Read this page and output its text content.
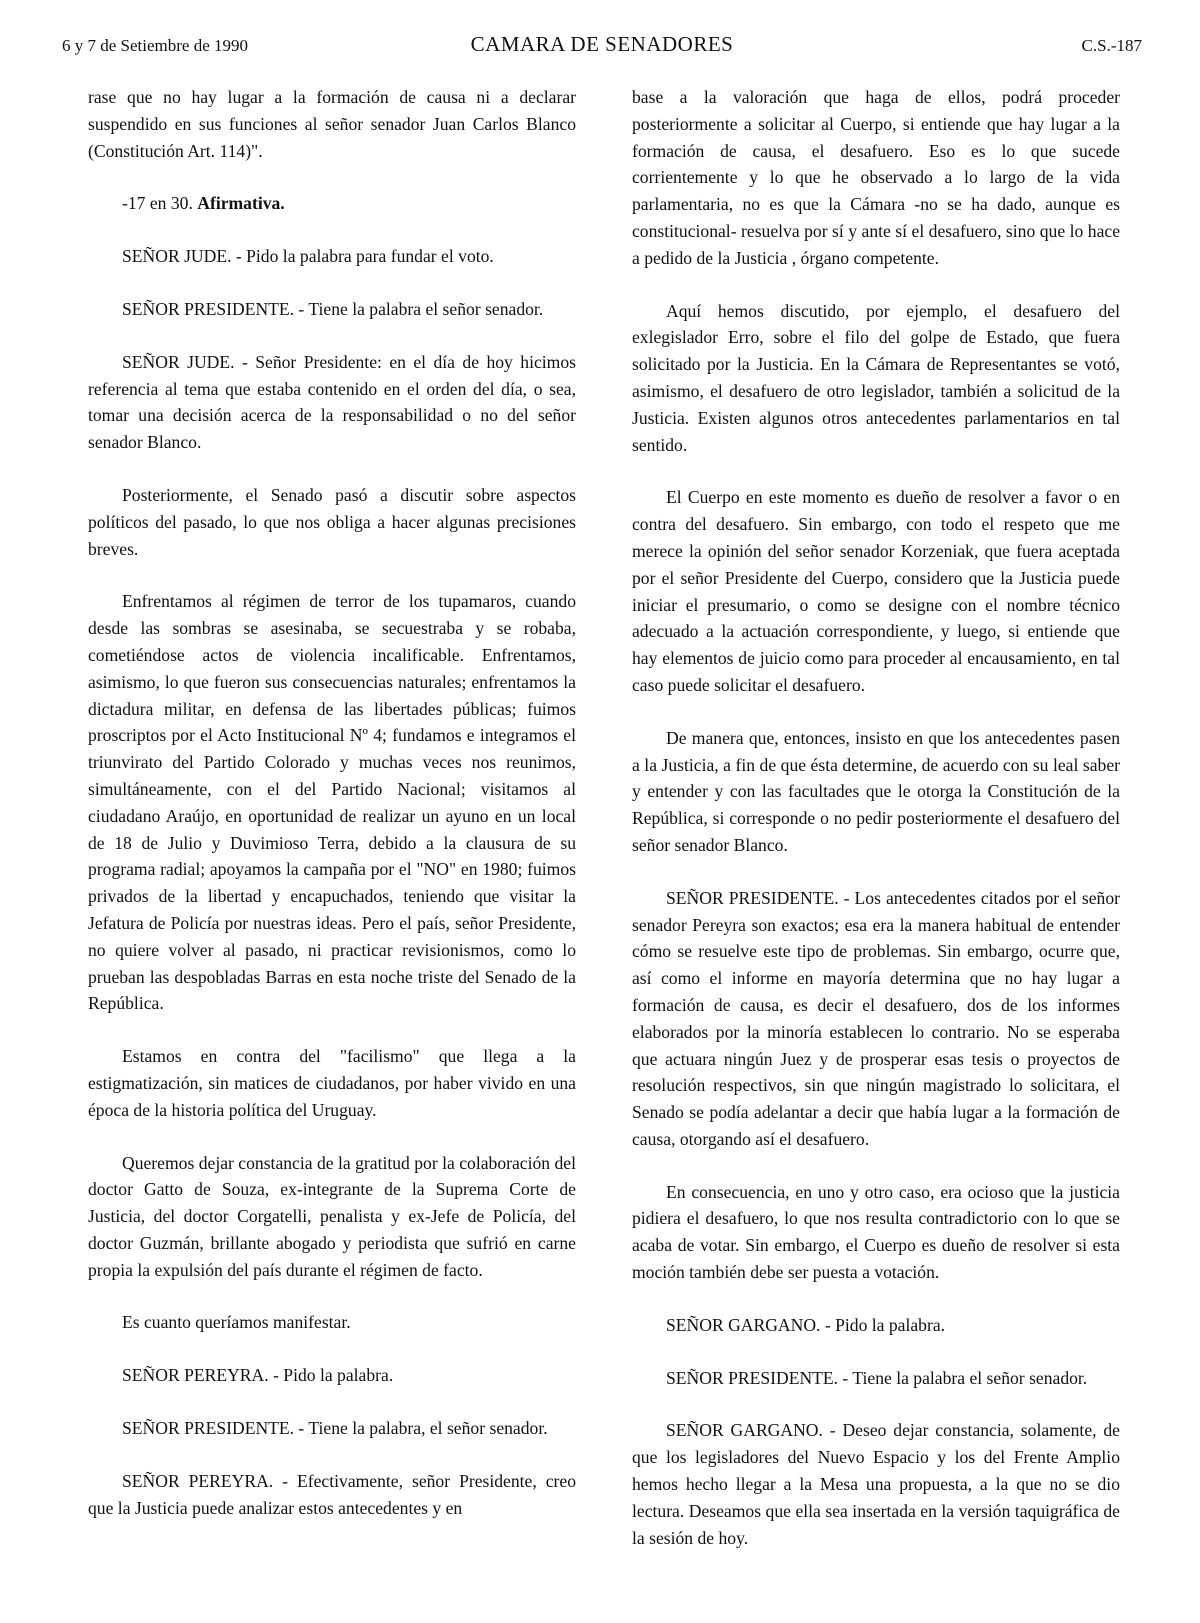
6 y 7 de Setiembre de 1990	CAMARA DE SENADORES	C.S.-187

rase que no hay lugar a la formación de causa ni a declarar suspendido en sus funciones al señor senador Juan Carlos Blanco (Constitución Art. 114)".

-17 en 30. Afirmativa.

SEÑOR JUDE. - Pido la palabra para fundar el voto.

SEÑOR PRESIDENTE. - Tiene la palabra el señor senador.

SEÑOR JUDE. - Señor Presidente: en el día de hoy hicimos referencia al tema que estaba contenido en el orden del día, o sea, tomar una decisión acerca de la responsabilidad o no del señor senador Blanco.

Posteriormente, el Senado pasó a discutir sobre aspectos políticos del pasado, lo que nos obliga a hacer algunas precisiones breves.

Enfrentamos al régimen de terror de los tupamaros, cuando desde las sombras se asesinaba, se secuestraba y se robaba, cometiéndose actos de violencia incalificable. Enfrentamos, asimismo, lo que fueron sus consecuencias naturales; enfrentamos la dictadura militar, en defensa de las libertades públicas; fuimos proscriptos por el Acto Institucional Nº 4; fundamos e integramos el triunvirato del Partido Colorado y muchas veces nos reunimos, simultáneamente, con el del Partido Nacional; visitamos al ciudadano Araújo, en oportunidad de realizar un ayuno en un local de 18 de Julio y Duvimioso Terra, debido a la clausura de su programa radial; apoyamos la campaña por el "NO" en 1980; fuimos privados de la libertad y encapuchados, teniendo que visitar la Jefatura de Policía por nuestras ideas. Pero el país, señor Presidente, no quiere volver al pasado, ni practicar revisionismos, como lo prueban las despobladas Barras en esta noche triste del Senado de la República.

Estamos en contra del "facilismo" que llega a la estigmatización, sin matices de ciudadanos, por haber vivido en una época de la historia política del Uruguay.

Queremos dejar constancia de la gratitud por la colaboración del doctor Gatto de Souza, ex-integrante de la Suprema Corte de Justicia, del doctor Corgatelli, penalista y ex-Jefe de Policía, del doctor Guzmán, brillante abogado y periodista que sufrió en carne propia la expulsión del país durante el régimen de facto.

Es cuanto queríamos manifestar.

SEÑOR PEREYRA. - Pido la palabra.

SEÑOR PRESIDENTE. - Tiene la palabra, el señor senador.

SEÑOR PEREYRA. - Efectivamente, señor Presidente, creo que la Justicia puede analizar estos antecedentes y en

base a la valoración que haga de ellos, podrá proceder posteriormente a solicitar al Cuerpo, si entiende que hay lugar a la formación de causa, el desafuero. Eso es lo que sucede corrientemente y lo que he observado a lo largo de la vida parlamentaria, no es que la Cámara -no se ha dado, aunque es constitucional- resuelva por sí y ante sí el desafuero, sino que lo hace a pedido de la Justicia , órgano competente.

Aquí hemos discutido, por ejemplo, el desafuero del exlegislador Erro, sobre el filo del golpe de Estado, que fuera solicitado por la Justicia. En la Cámara de Representantes se votó, asimismo, el desafuero de otro legislador, también a solicitud de la Justicia. Existen algunos otros antecedentes parlamentarios en tal sentido.

El Cuerpo en este momento es dueño de resolver a favor o en contra del desafuero. Sin embargo, con todo el respeto que me merece la opinión del señor senador Korzeniak, que fuera aceptada por el señor Presidente del Cuerpo, considero que la Justicia puede iniciar el presumario, o como se designe con el nombre técnico adecuado a la actuación correspondiente, y luego, si entiende que hay elementos de juicio como para proceder al encausamiento, en tal caso puede solicitar el desafuero.

De manera que, entonces, insisto en que los antecedentes pasen a la Justicia, a fin de que ésta determine, de acuerdo con su leal saber y entender y con las facultades que le otorga la Constitución de la República, si corresponde o no pedir posteriormente el desafuero del señor senador Blanco.

SEÑOR PRESIDENTE. - Los antecedentes citados por el señor senador Pereyra son exactos; esa era la manera habitual de entender cómo se resuelve este tipo de problemas. Sin embargo, ocurre que, así como el informe en mayoría determina que no hay lugar a formación de causa, es decir el desafuero, dos de los informes elaborados por la minoría establecen lo contrario. No se esperaba que actuara ningún Juez y de prosperar esas tesis o proyectos de resolución respectivos, sin que ningún magistrado lo solicitara, el Senado se podía adelantar a decir que había lugar a la formación de causa, otorgando así el desafuero.

En consecuencia, en uno y otro caso, era ocioso que la justicia pidiera el desafuero, lo que nos resulta contradictorio con lo que se acaba de votar. Sin embargo, el Cuerpo es dueño de resolver si esta moción también debe ser puesta a votación.

SEÑOR GARGANO. - Pido la palabra.

SEÑOR PRESIDENTE. - Tiene la palabra el señor senador.

SEÑOR GARGANO. - Deseo dejar constancia, solamente, de que los legisladores del Nuevo Espacio y los del Frente Amplio hemos hecho llegar a la Mesa una propuesta, a la que no se dio lectura. Deseamos que ella sea insertada en la versión taquigráfica de la sesión de hoy.
